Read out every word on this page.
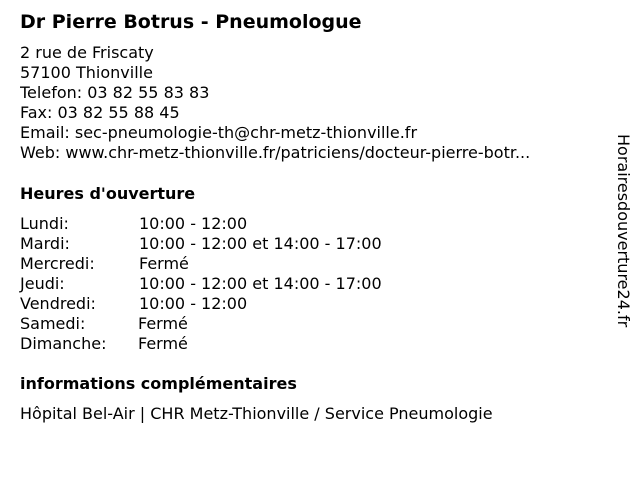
Dr Pierre Botrus - Pneumologue
2 rue de Friscaty
57100 Thionville
Telefon: 03 82 55 83 83
Fax: 03 82 55 88 45
Email: sec-pneumologie-th@chr-metz-thionville.fr
Web: www.chr-metz-thionville.fr/patriciens/docteur-pierre-botr...
Heures d'ouverture
Lundi:	10:00 - 12:00
Mardi:	10:00 - 12:00 et 14:00 - 17:00
Mercredi:	Fermé
Jeudi:	10:00 - 12:00 et 14:00 - 17:00
Vendredi:	10:00 - 12:00
Samedi:	Fermé
Dimanche: Fermé
informations complémentaires
Hôpital Bel-Air | CHR Metz-Thionville / Service Pneumologie
Horairesdouverture24.fr
